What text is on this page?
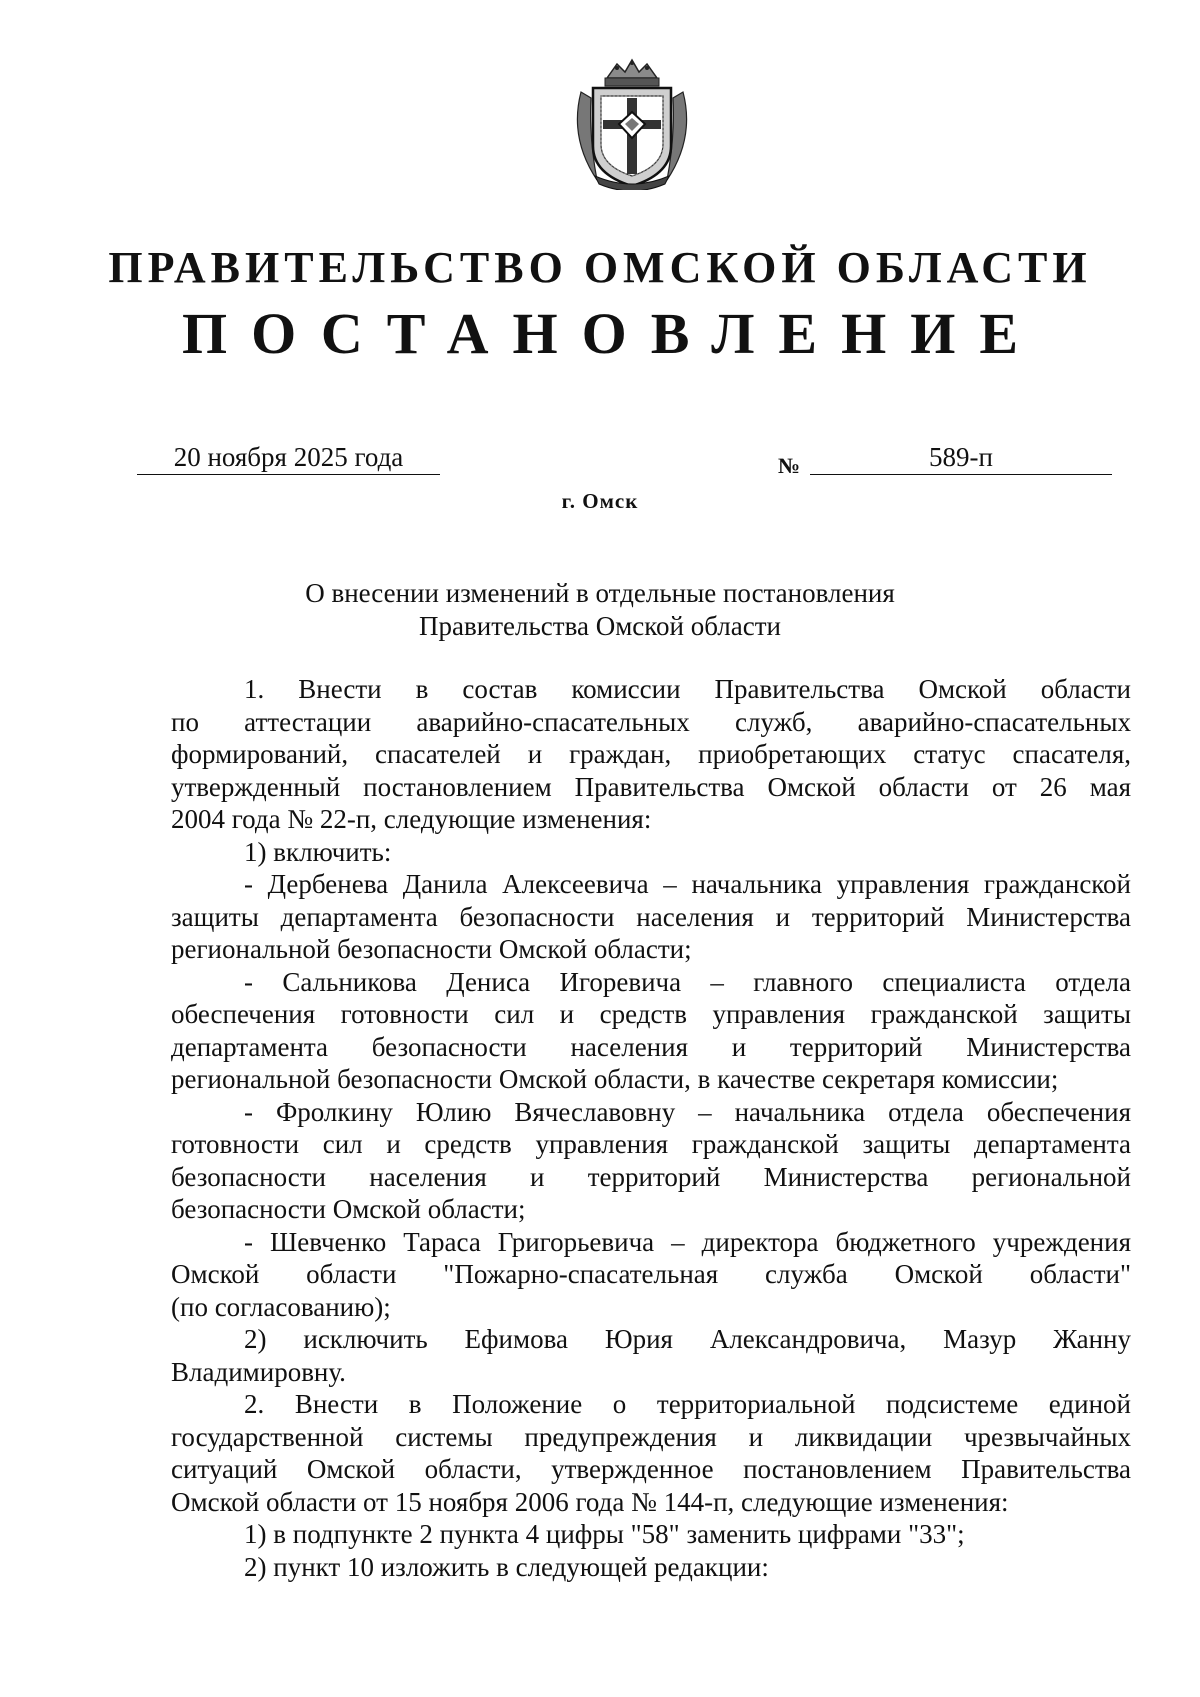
ПРАВИТЕЛЬСТВО ОМСКОЙ ОБЛАСТИ
ПОСТАНОВЛЕНИЕ
20 ноября 2025 года	№	589-п
г. Омск
О внесении изменений в отдельные постановления
Правительства Омской области

1. Внести в состав комиссии Правительства Омской области

по аттестации аварийно-спасательных служб, аварийно-спасательных

формирований, спасателей и граждан, приобретающих статус спасателя,

утвержденный постановлением Правительства Омской области от 26 мая

2004 года № 22-п, следующие изменения:

1) включить:

- Дербенева Данила Алексеевича – начальника управления гражданской

защиты департамента безопасности населения и территорий Министерства

региональной безопасности Омской области;

- Сальникова Дениса Игоревича – главного специалиста отдела

обеспечения готовности сил и средств управления гражданской защиты

департамента безопасности населения и территорий Министерства

региональной безопасности Омской области, в качестве секретаря комиссии;

- Фролкину Юлию Вячеславовну – начальника отдела обеспечения

готовности сил и средств управления гражданской защиты департамента

безопасности населения и территорий Министерства региональной

безопасности Омской области;

- Шевченко Тараса Григорьевича – директора бюджетного учреждения

Омской области "Пожарно-спасательная служба Омской области"

(по согласованию);

2) исключить Ефимова Юрия Александровича, Мазур Жанну

Владимировну.

2. Внести в Положение о территориальной подсистеме единой

государственной системы предупреждения и ликвидации чрезвычайных

ситуаций Омской области, утвержденное постановлением Правительства

Омской области от 15 ноября 2006 года № 144-п, следующие изменения:

1) в подпункте 2 пункта 4 цифры "58" заменить цифрами "33";

2) пункт 10 изложить в следующей редакции:
